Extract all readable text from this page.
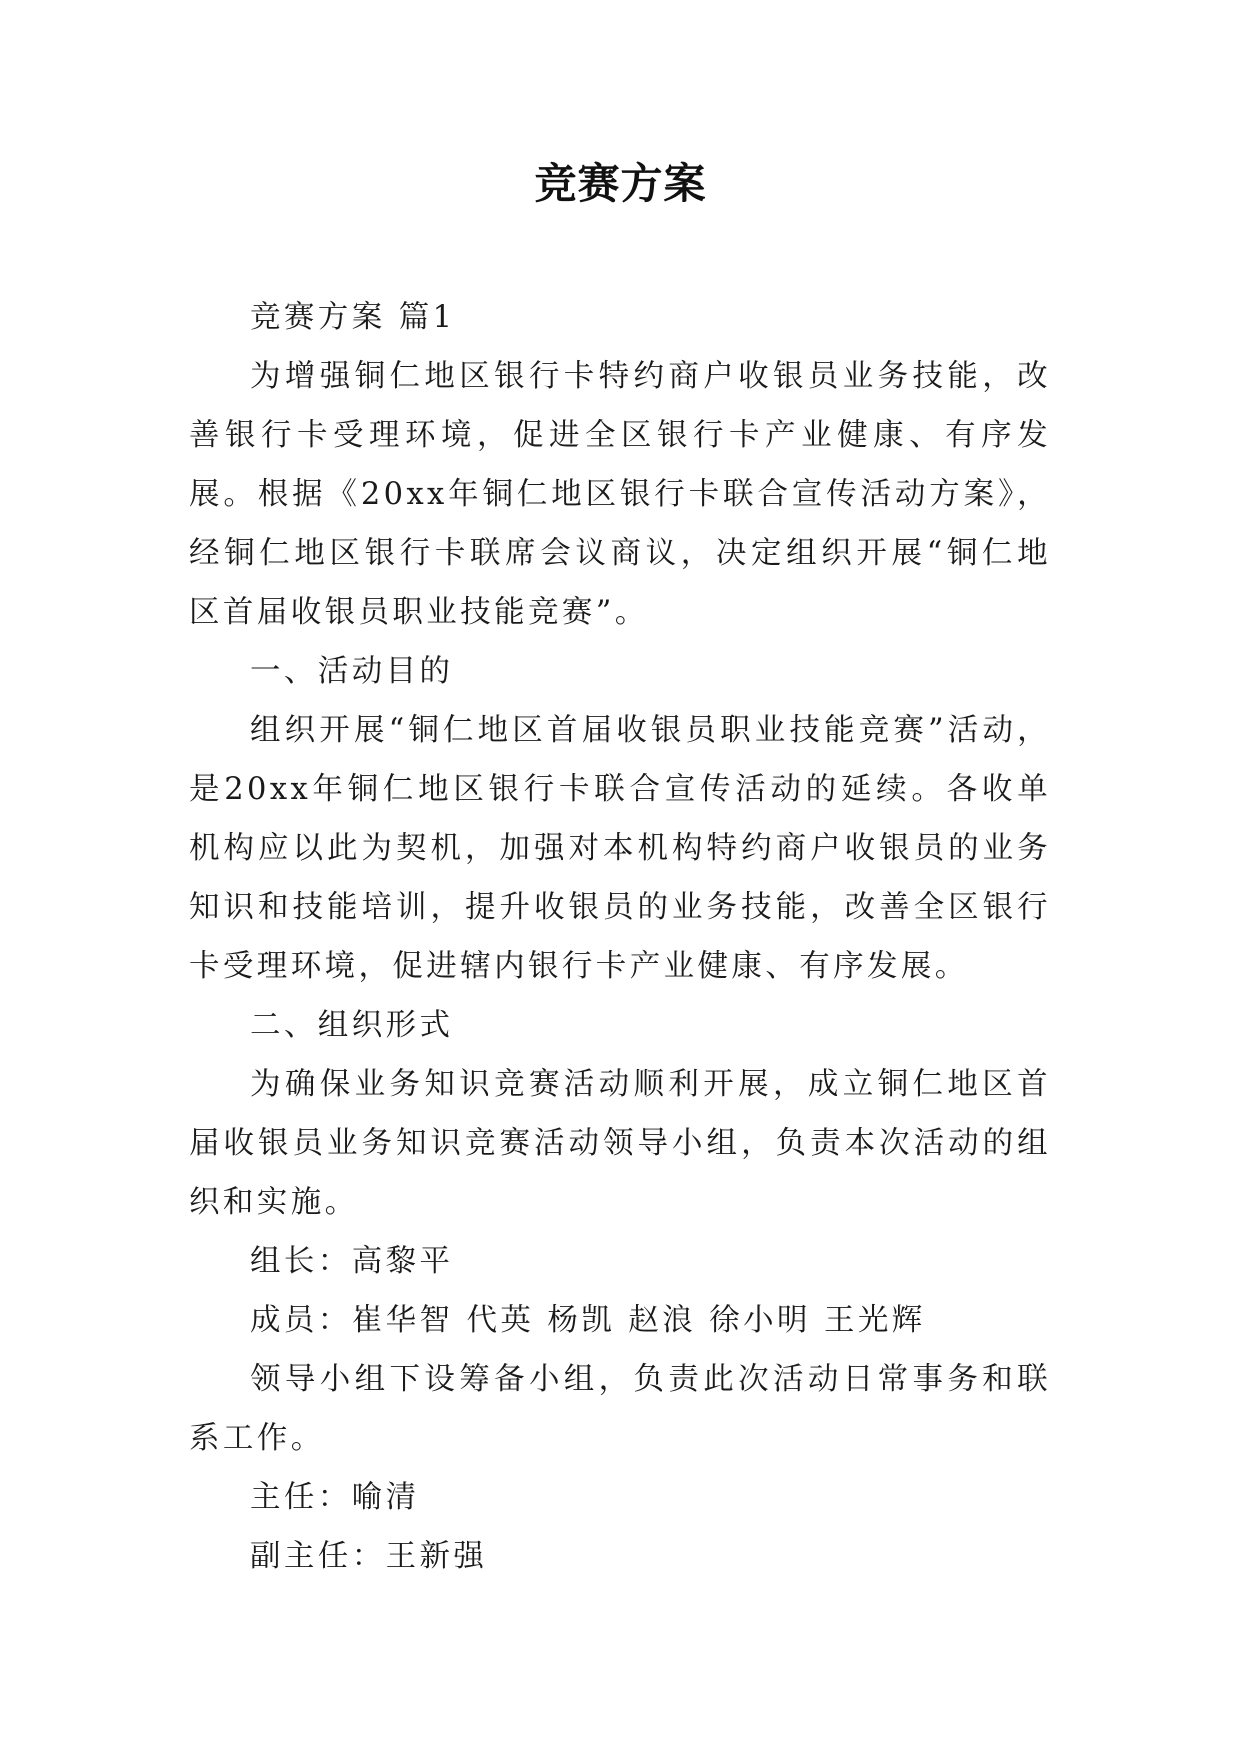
竞赛方案

竞赛方案 篇1

为增强铜仁地区银行卡特约商户收银员业务技能，改善银行卡受理环境，促进全区银行卡产业健康、有序发展。根据《20xx年铜仁地区银行卡联合宣传活动方案》，经铜仁地区银行卡联席会议商议，决定组织开展“铜仁地区首届收银员职业技能竞赛”。

一、活动目的

组织开展“铜仁地区首届收银员职业技能竞赛”活动，是20xx年铜仁地区银行卡联合宣传活动的延续。各收单机构应以此为契机，加强对本机构特约商户收银员的业务知识和技能培训，提升收银员的业务技能，改善全区银行卡受理环境，促进辖内银行卡产业健康、有序发展。

二、组织形式

为确保业务知识竞赛活动顺利开展，成立铜仁地区首届收银员业务知识竞赛活动领导小组，负责本次活动的组织和实施。

组长：高黎平

成员：崔华智 代英 杨凯 赵浪 徐小明 王光辉

领导小组下设筹备小组，负责此次活动日常事务和联系工作。

主任：喻清

副主任：王新强
